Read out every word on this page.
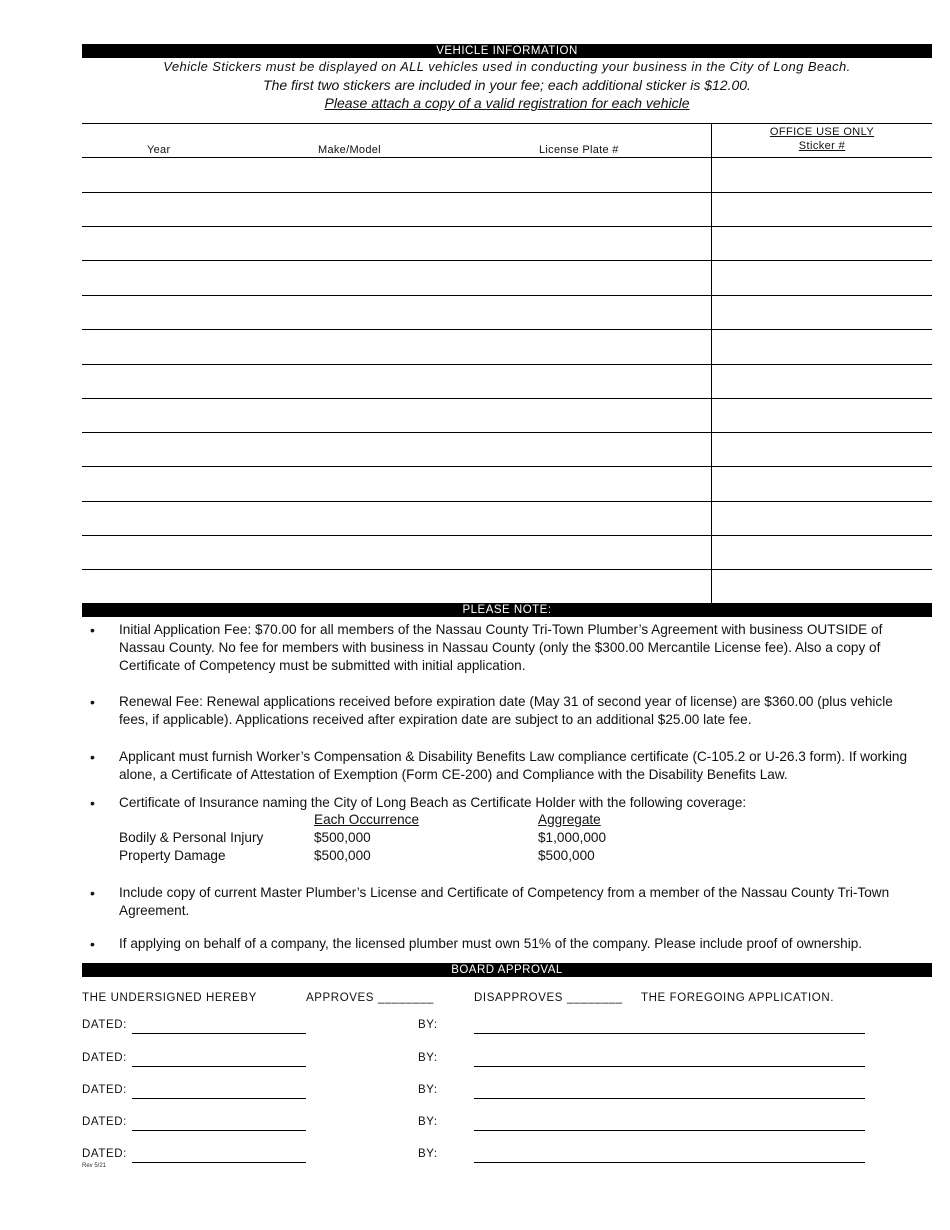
VEHICLE INFORMATION
Vehicle Stickers must be displayed on ALL vehicles used in conducting your business in the City of Long Beach.
The first two stickers are included in your fee; each additional sticker is $12.00.
Please attach a copy of a valid registration for each vehicle
Year	Make/Model	License Plate #
OFFICE USE ONLY
Sticker #
PLEASE NOTE:
• Initial Application Fee: $70.00 for all members of the Nassau County Tri-Town Plumber’s Agreement with business OUTSIDE of Nassau County. No fee for members with business in Nassau County (only the $300.00 Mercantile License fee). Also a copy of Certificate of Competency must be submitted with initial application.
• Renewal Fee: Renewal applications received before expiration date (May 31 of second year of license) are $360.00 (plus vehicle fees, if applicable). Applications received after expiration date are subject to an additional $25.00 late fee.
• Applicant must furnish Worker’s Compensation & Disability Benefits Law compliance certificate (C-105.2 or U-26.3 form). If working alone, a Certificate of Attestation of Exemption (Form CE-200) and Compliance with the Disability Benefits Law.
• Certificate of Insurance naming the City of Long Beach as Certificate Holder with the following coverage:
• Include copy of current Master Plumber’s License and Certificate of Competency from a member of the Nassau County Tri-Town Agreement.
• If applying on behalf of a company, the licensed plumber must own 51% of the company. Please include proof of ownership.
Each Occurrence	Aggregate
Bodily & Personal Injury	$500,000	$1,000,000
Property Damage	$500,000	$500,000
BOARD APPROVAL
THE UNDERSIGNED HEREBY	APPROVES ________	DISAPPROVES ________ THE FOREGOING APPLICATION.
DATED:	BY:
DATED:	BY:
DATED:	BY:
DATED:	BY:
DATED:	BY:
Rev 5/21
